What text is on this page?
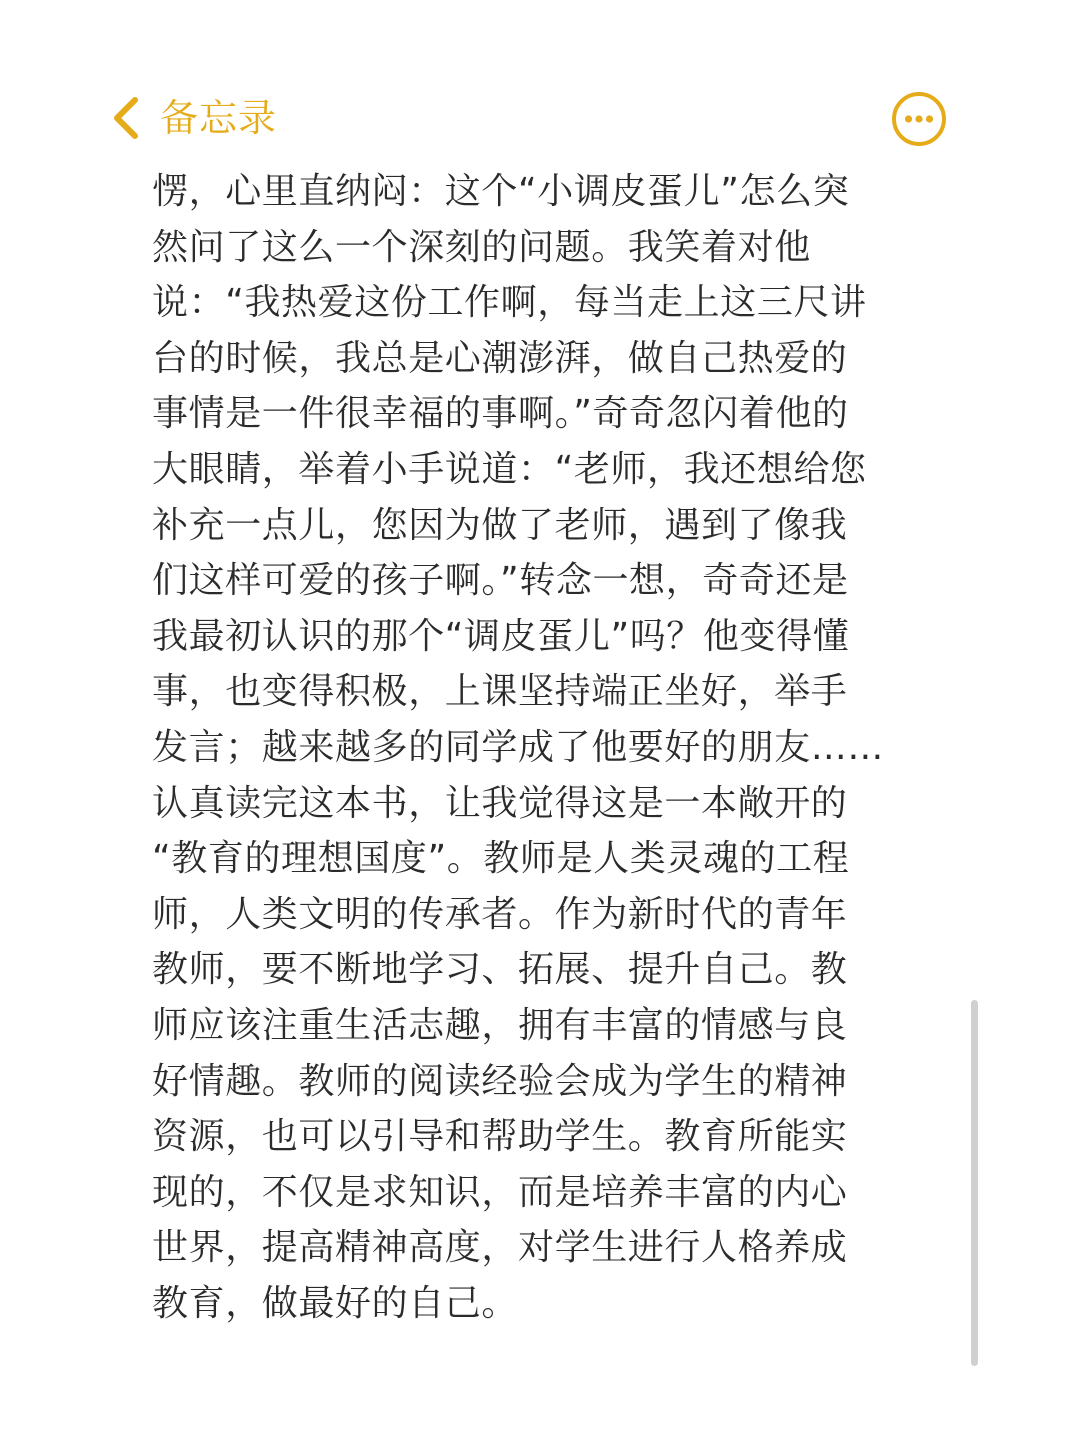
备忘录
愣，心里直纳闷：这个“小调皮蛋儿”怎么突
然问了这么一个深刻的问题。我笑着对他
说：“我热爱这份工作啊，每当走上这三尺讲
台的时候，我总是心潮澎湃，做自己热爱的
事情是一件很幸福的事啊。”奇奇忽闪着他的
大眼睛，举着小手说道：“老师，我还想给您
补充一点儿，您因为做了老师，遇到了像我
们这样可爱的孩子啊。”转念一想，奇奇还是
我最初认识的那个“调皮蛋儿”吗？他变得懂
事，也变得积极，上课坚持端正坐好，举手
发言；越来越多的同学成了他要好的朋友……
认真读完这本书，让我觉得这是一本敞开的
“教育的理想国度”。教师是人类灵魂的工程
师，人类文明的传承者。作为新时代的青年
教师，要不断地学习、拓展、提升自己。教
师应该注重生活志趣，拥有丰富的情感与良
好情趣。教师的阅读经验会成为学生的精神
资源，也可以引导和帮助学生。教育所能实
现的，不仅是求知识，而是培养丰富的内心
世界，提高精神高度，对学生进行人格养成
教育，做最好的自己。
